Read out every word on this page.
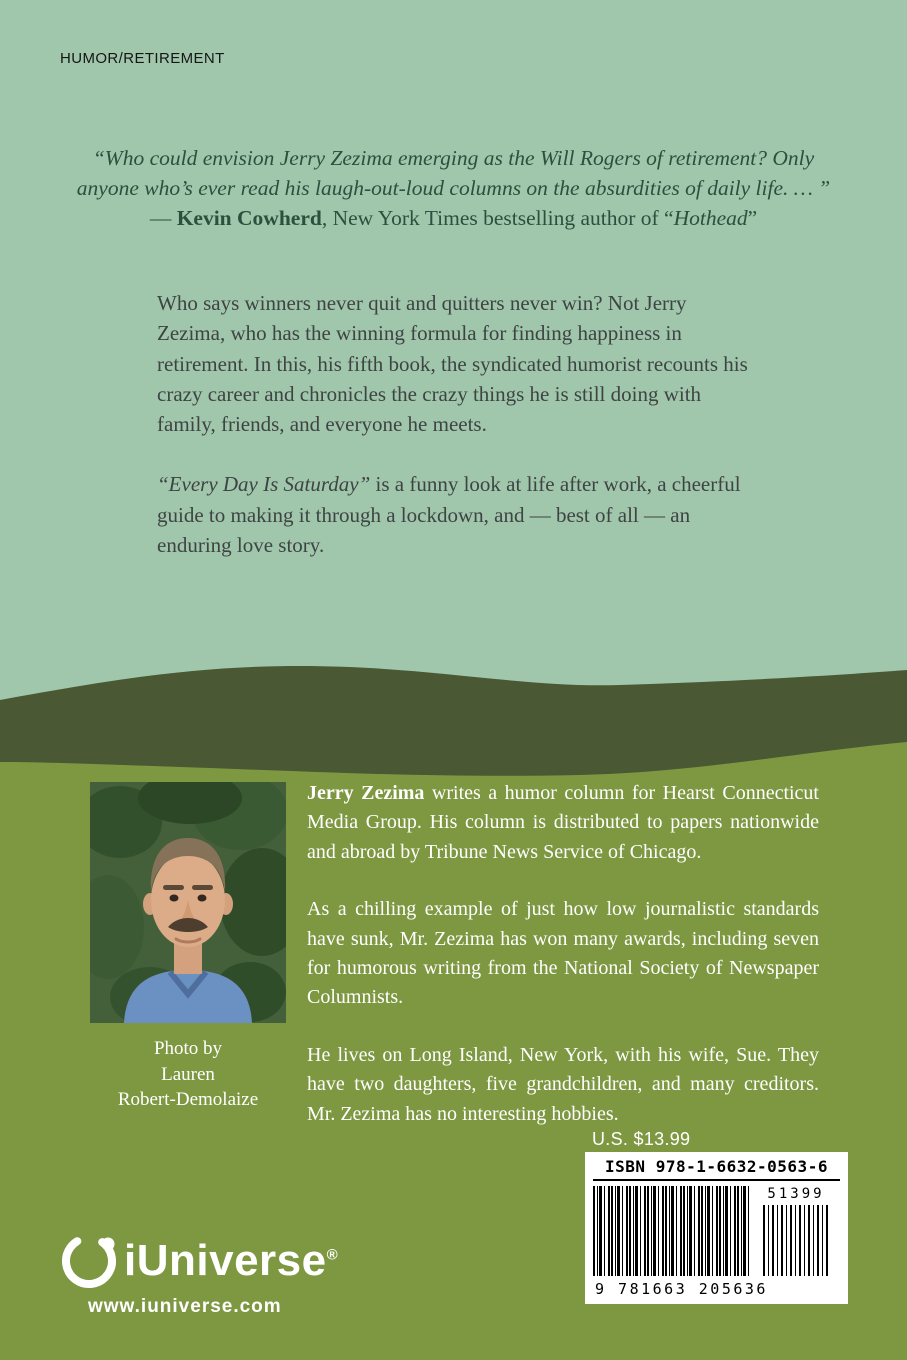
HUMOR/RETIREMENT
“Who could envision Jerry Zezima emerging as the Will Rogers of retirement? Only
anyone who’s ever read his laugh-out-loud columns on the absurdities of daily life. … ”
— Kevin Cowherd, New York Times bestselling author of “Hothead”

Who says winners never quit and quitters never win? Not Jerry Zezima, who has the winning formula for finding happiness in retirement. In this, his fifth book, the syndicated humorist recounts his crazy career and chronicles the crazy things he is still doing with family, friends, and everyone he meets.

“Every Day Is Saturday” is a funny look at life after work, a cheerful guide to making it through a lockdown, and — best of all — an enduring love story.

Photo by
Lauren
Robert-Demolaize

Jerry Zezima writes a humor column for Hearst Connecticut Media Group. His column is distributed to papers nationwide and abroad by Tribune News Service of Chicago.

As a chilling example of just how low journalistic standards have sunk, Mr. Zezima has won many awards, including seven for humorous writing from the National Society of Newspaper Columnists.

He lives on Long Island, New York, with his wife, Sue. They have two daughters, five grandchildren, and many creditors. Mr. Zezima has no interesting hobbies.

U.S. $13.99
ISBN 978-1-6632-0563-6
51399
9 781663 205636
iUniverse®
www.iuniverse.com
